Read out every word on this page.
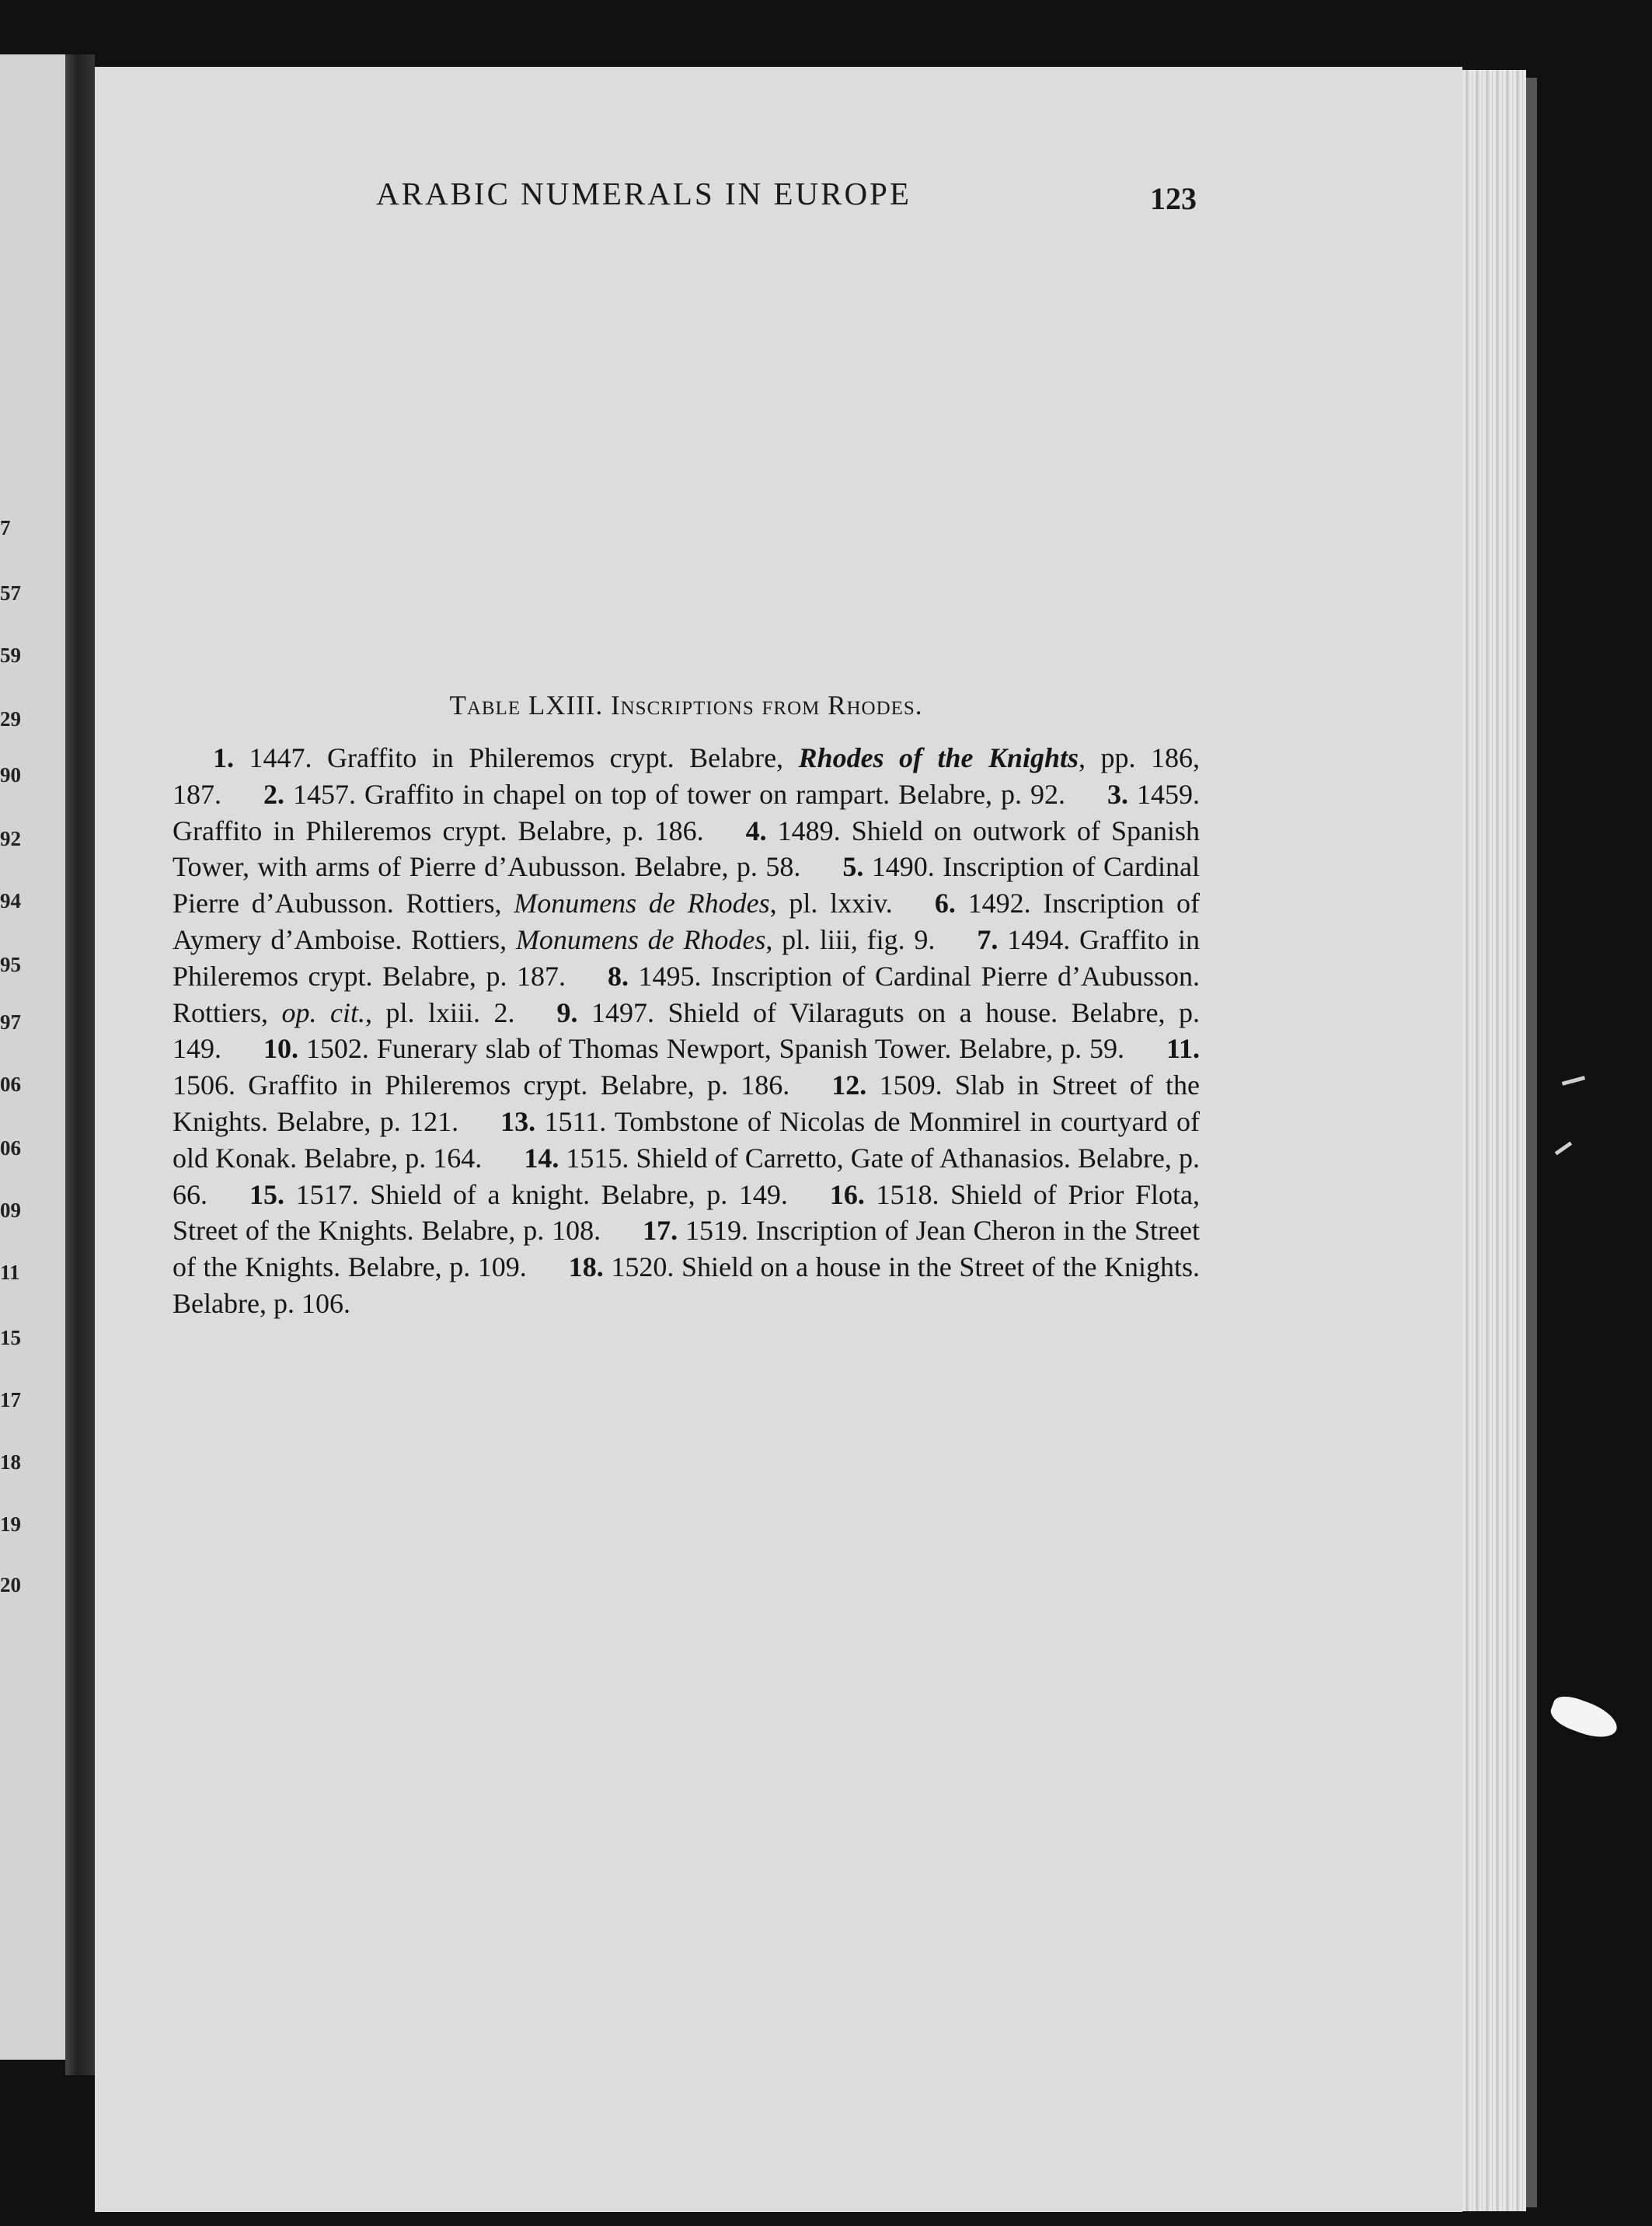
7
57
59
29
90
92
94
95
97
06
06
09
11
15
17
18
19
20
ARABIC NUMERALS IN EUROPE	123
Table LXIII. Inscriptions from Rhodes.
1. 1447. Graffito in Phileremos crypt. Belabre, Rhodes of the Knights, pp. 186, 187.   2. 1457. Graffito in chapel on top of tower on rampart. Belabre, p. 92.   3. 1459. Graffito in Phileremos crypt. Belabre, p. 186.   4. 1489. Shield on outwork of Spanish Tower, with arms of Pierre d’Aubusson. Belabre, p. 58.   5. 1490. Inscription of Cardinal Pierre d’Aubusson. Rottiers, Monumens de Rhodes, pl. lxxiv.   6. 1492. Inscription of Aymery d’Amboise. Rottiers, Monumens de Rhodes, pl. liii, fig. 9.   7. 1494. Graffito in Phileremos crypt. Belabre, p. 187.   8. 1495. Inscription of Cardinal Pierre d’Aubusson. Rottiers, op. cit., pl. lxiii. 2.   9. 1497. Shield of Vilaraguts on a house. Belabre, p. 149.   10. 1502. Funerary slab of Thomas Newport, Spanish Tower. Belabre, p. 59.   11. 1506. Graffito in Phileremos crypt. Belabre, p. 186.   12. 1509. Slab in Street of the Knights. Belabre, p. 121.   13. 1511. Tombstone of Nicolas de Monmirel in courtyard of old Konak. Belabre, p. 164.   14. 1515. Shield of Carretto, Gate of Athanasios. Belabre, p. 66.   15. 1517. Shield of a knight. Belabre, p. 149.   16. 1518. Shield of Prior Flota, Street of the Knights. Belabre, p. 108.   17. 1519. Inscription of Jean Cheron in the Street of the Knights. Belabre, p. 109.   18. 1520. Shield on a house in the Street of the Knights. Belabre, p. 106.  
